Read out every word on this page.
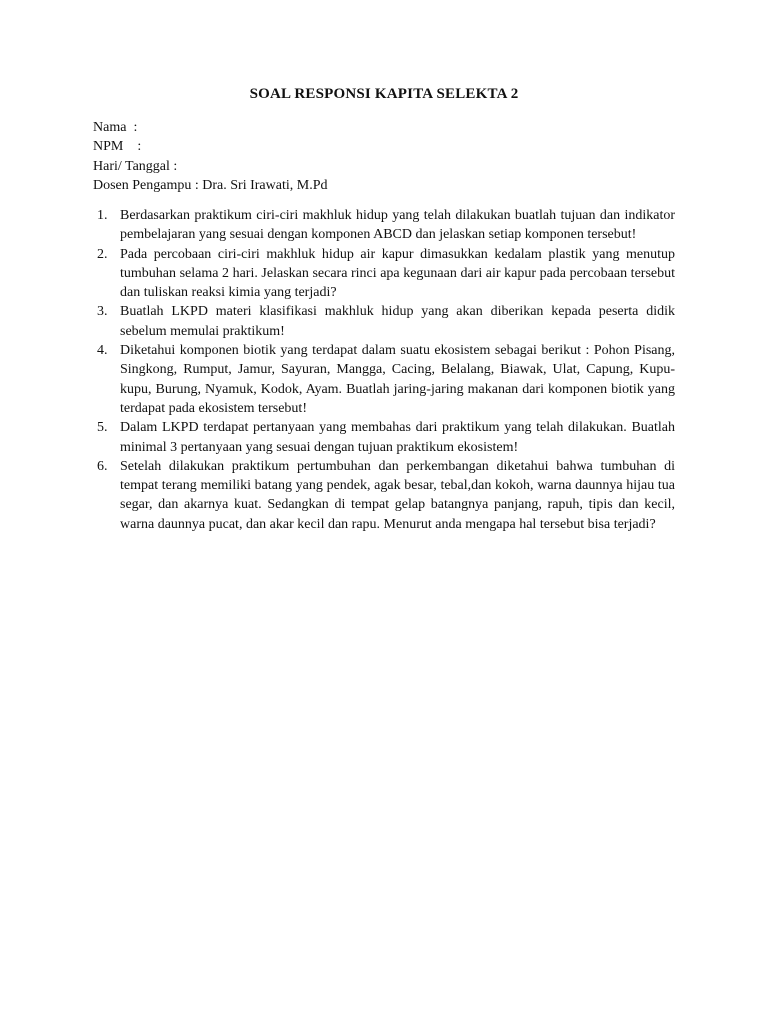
SOAL RESPONSI KAPITA SELEKTA 2
Nama :
NPM :
Hari/ Tanggal :
Dosen Pengampu : Dra. Sri Irawati, M.Pd
1. Berdasarkan praktikum ciri-ciri makhluk hidup yang telah dilakukan buatlah tujuan dan indikator pembelajaran yang sesuai dengan komponen ABCD dan jelaskan setiap komponen tersebut!
2. Pada percobaan ciri-ciri makhluk hidup air kapur dimasukkan kedalam plastik yang menutup tumbuhan selama 2 hari. Jelaskan secara rinci apa kegunaan dari air kapur pada percobaan tersebut dan tuliskan reaksi kimia yang terjadi?
3. Buatlah LKPD materi klasifikasi makhluk hidup yang akan diberikan kepada peserta didik sebelum memulai praktikum!
4. Diketahui komponen biotik yang terdapat dalam suatu ekosistem sebagai berikut : Pohon Pisang, Singkong, Rumput, Jamur, Sayuran, Mangga, Cacing, Belalang, Biawak, Ulat, Capung, Kupu-kupu, Burung, Nyamuk, Kodok, Ayam. Buatlah jaring-jaring makanan dari komponen biotik yang terdapat pada ekosistem tersebut!
5. Dalam LKPD terdapat pertanyaan yang membahas dari praktikum yang telah dilakukan. Buatlah minimal 3 pertanyaan yang sesuai dengan tujuan praktikum ekosistem!
6. Setelah dilakukan praktikum pertumbuhan dan perkembangan diketahui bahwa tumbuhan di tempat terang memiliki batang yang pendek, agak besar, tebal,dan kokoh, warna daunnya hijau tua segar, dan akarnya kuat. Sedangkan di tempat gelap batangnya panjang, rapuh, tipis dan kecil, warna daunnya pucat, dan akar kecil dan rapu. Menurut anda mengapa hal tersebut bisa terjadi?
